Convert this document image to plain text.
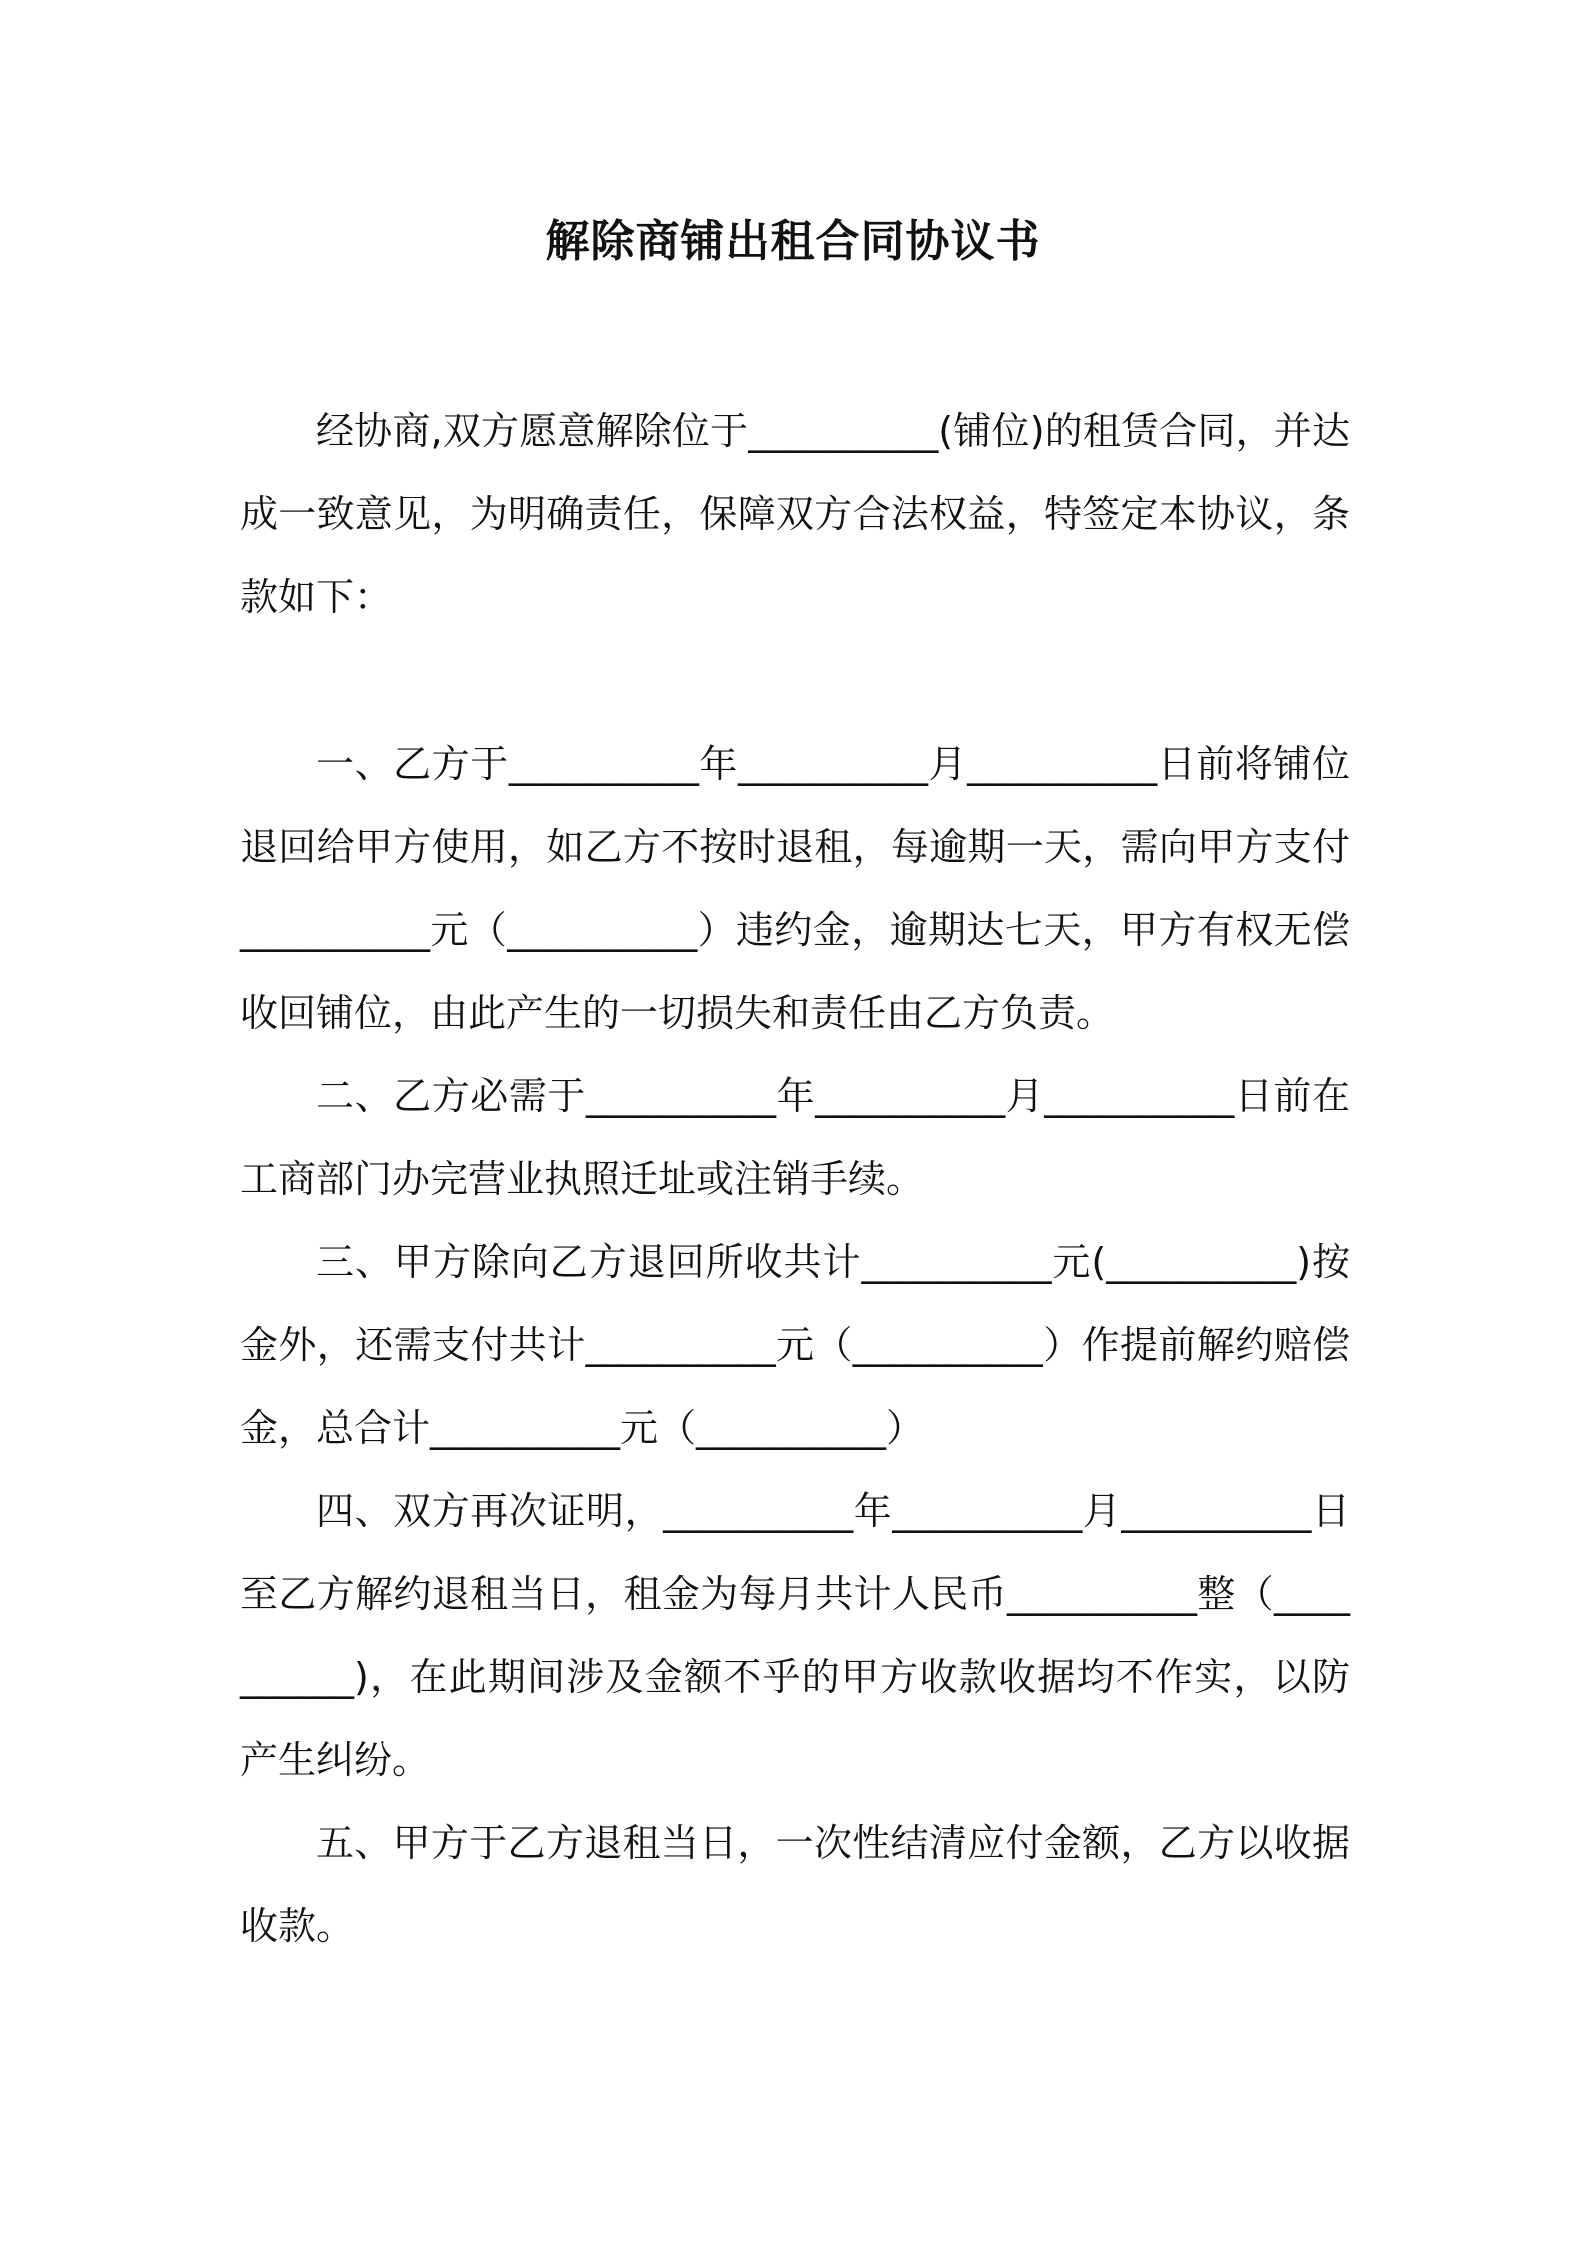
解除商铺出租合同协议书

经协商,双方愿意解除位于__________(铺位)的租赁合同，并达成一致意见，为明确责任，保障双方合法权益，特签定本协议，条款如下：

一、乙方于__________年__________月__________日前将铺位退回给甲方使用，如乙方不按时退租，每逾期一天，需向甲方支付__________元（__________）违约金，逾期达七天，甲方有权无偿收回铺位，由此产生的一切损失和责任由乙方负责。

二、乙方必需于__________年__________月__________日前在工商部门办完营业执照迁址或注销手续。

三、甲方除向乙方退回所收共计__________元(__________)按金外，还需支付共计__________元（__________）作提前解约赔偿金，总合计__________元（__________）

四、双方再次证明，__________年__________月__________日至乙方解约退租当日，租金为每月共计人民币__________整（__________)，在此期间涉及金额不乎的甲方收款收据均不作实，以防产生纠纷。

五、甲方于乙方退租当日，一次性结清应付金额，乙方以收据收款。
